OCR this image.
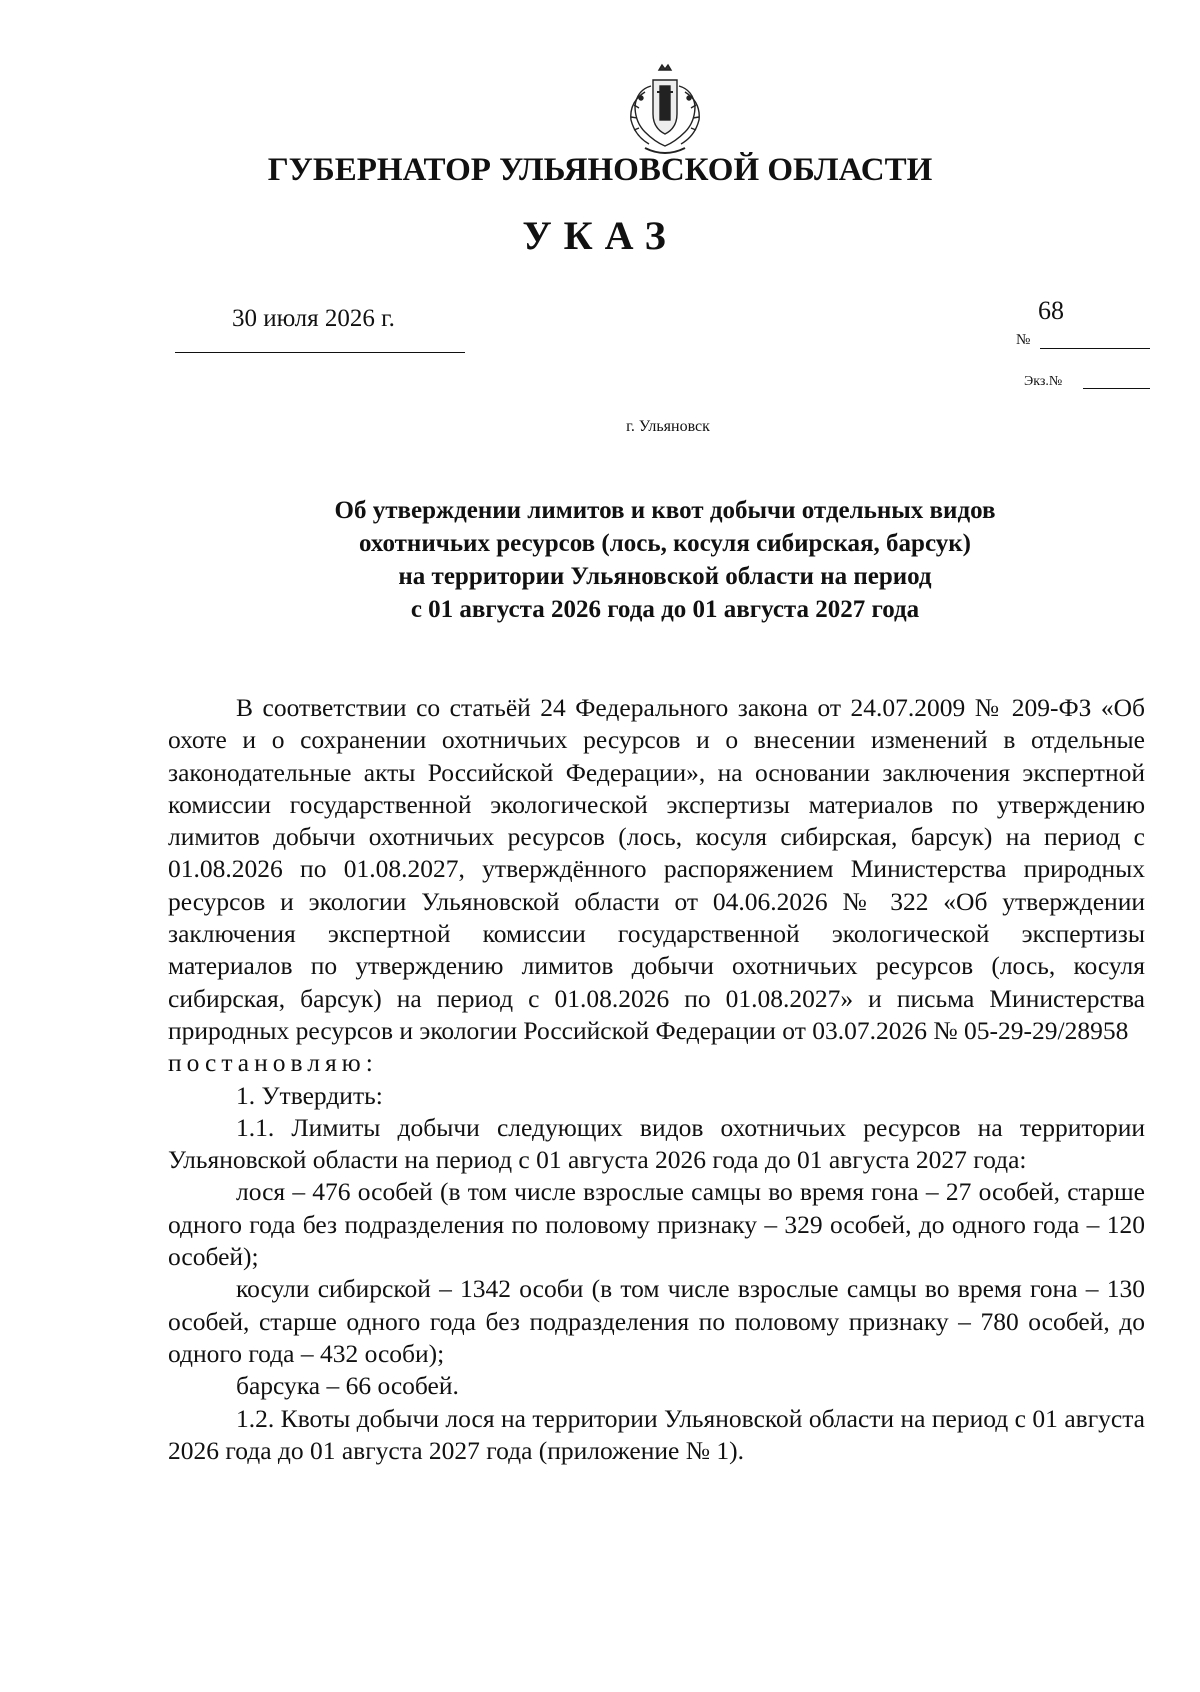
ГУБЕРНАТОР УЛЬЯНОВСКОЙ ОБЛАСТИ
УКАЗ
30 июля 2026 г.	68
№
Экз.№
г. Ульяновск
Об утверждении лимитов и квот добычи отдельных видов
охотничьих ресурсов (лось, косуля сибирская, барсук)
на территории Ульяновской области на период
с 01 августа 2026 года до 01 августа 2027 года

В соответствии со статьёй 24 Федерального закона от 24.07.2009 № 209-ФЗ «Об охоте и о сохранении охотничьих ресурсов и о внесении изменений в отдельные законодательные акты Российской Федерации», на основании заключения экспертной комиссии государственной экологической экспертизы материалов по утверждению лимитов добычи охотничьих ресурсов (лось, косуля сибирская, барсук) на период с 01.08.2026 по 01.08.2027, утверждённого распоряжением Министерства природных ресурсов и экологии Ульяновской области от 04.06.2026 № 322 «Об утверждении заключения экспертной комиссии государственной экологической экспертизы материалов по утверждению лимитов добычи охотничьих ресурсов (лось, косуля сибирская, барсук) на период с 01.08.2026 по 01.08.2027» и письма Министерства природных ресурсов и экологии Российской Федерации от 03.07.2026 № 05-29-29/28958

постановляю:

1. Утвердить:

1.1. Лимиты добычи следующих видов охотничьих ресурсов на территории Ульяновской области на период с 01 августа 2026 года до 01 августа 2027 года:

лося – 476 особей (в том числе взрослые самцы во время гона – 27 особей, старше одного года без подразделения по половому признаку – 329 особей, до одного года – 120 особей);

косули сибирской – 1342 особи (в том числе взрослые самцы во время гона – 130 особей, старше одного года без подразделения по половому признаку – 780 особей, до одного года – 432 особи);

барсука – 66 особей.

1.2. Квоты добычи лося на территории Ульяновской области на период с 01 августа 2026 года до 01 августа 2027 года (приложение № 1).
